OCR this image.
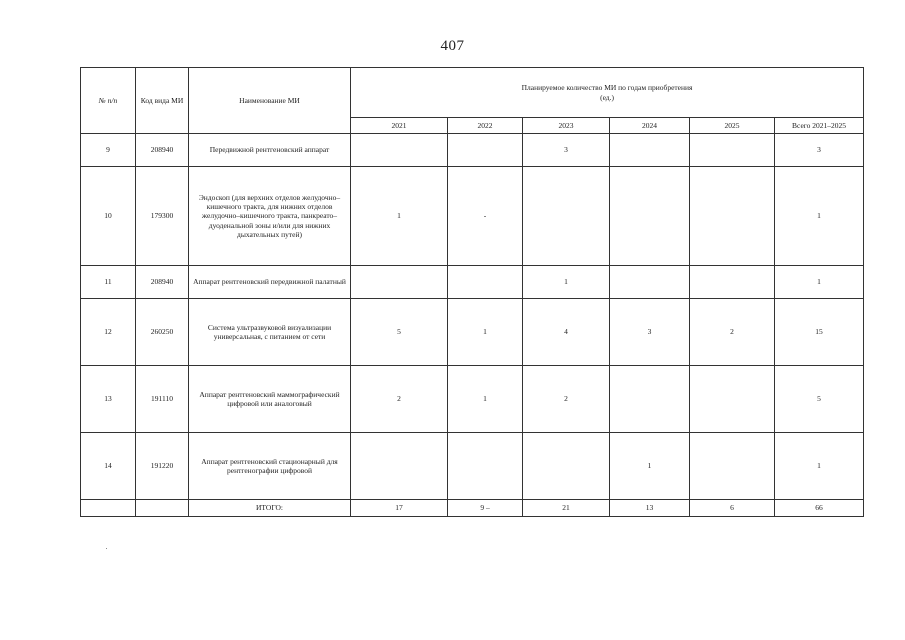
407
№ п/п	Код вида МИ	Наименование МИ	Планируемое количество МИ по годам приобретения
(ед.)					

			2021	2022	2023	2024	2025	Всего 2021–2025
9	208940	Передвижной рентгеновский аппарат			3			3
10	179300	Эндоскоп (для верхних отделов желудочно–кишечного тракта, для нижних отделов желудочно–кишечного тракта, панкреато–дуоденальной зоны и/или для нижних дыхательных путей)	1	-				1
11	208940	Аппарат рентгеновский передвижной палатный			1			1
12	260250	Система ультразвуковой визуализации универсальная, с питанием от сети	5	1	4	3	2	15
13	191110	Аппарат рентгеновский маммографический цифровой или аналоговый	2	1	2			5
14	191220	Аппарат рентгеновский стационарный для рентгенографии цифровой				1		1
		ИТОГО:	17	9 –	21	13	6	66
